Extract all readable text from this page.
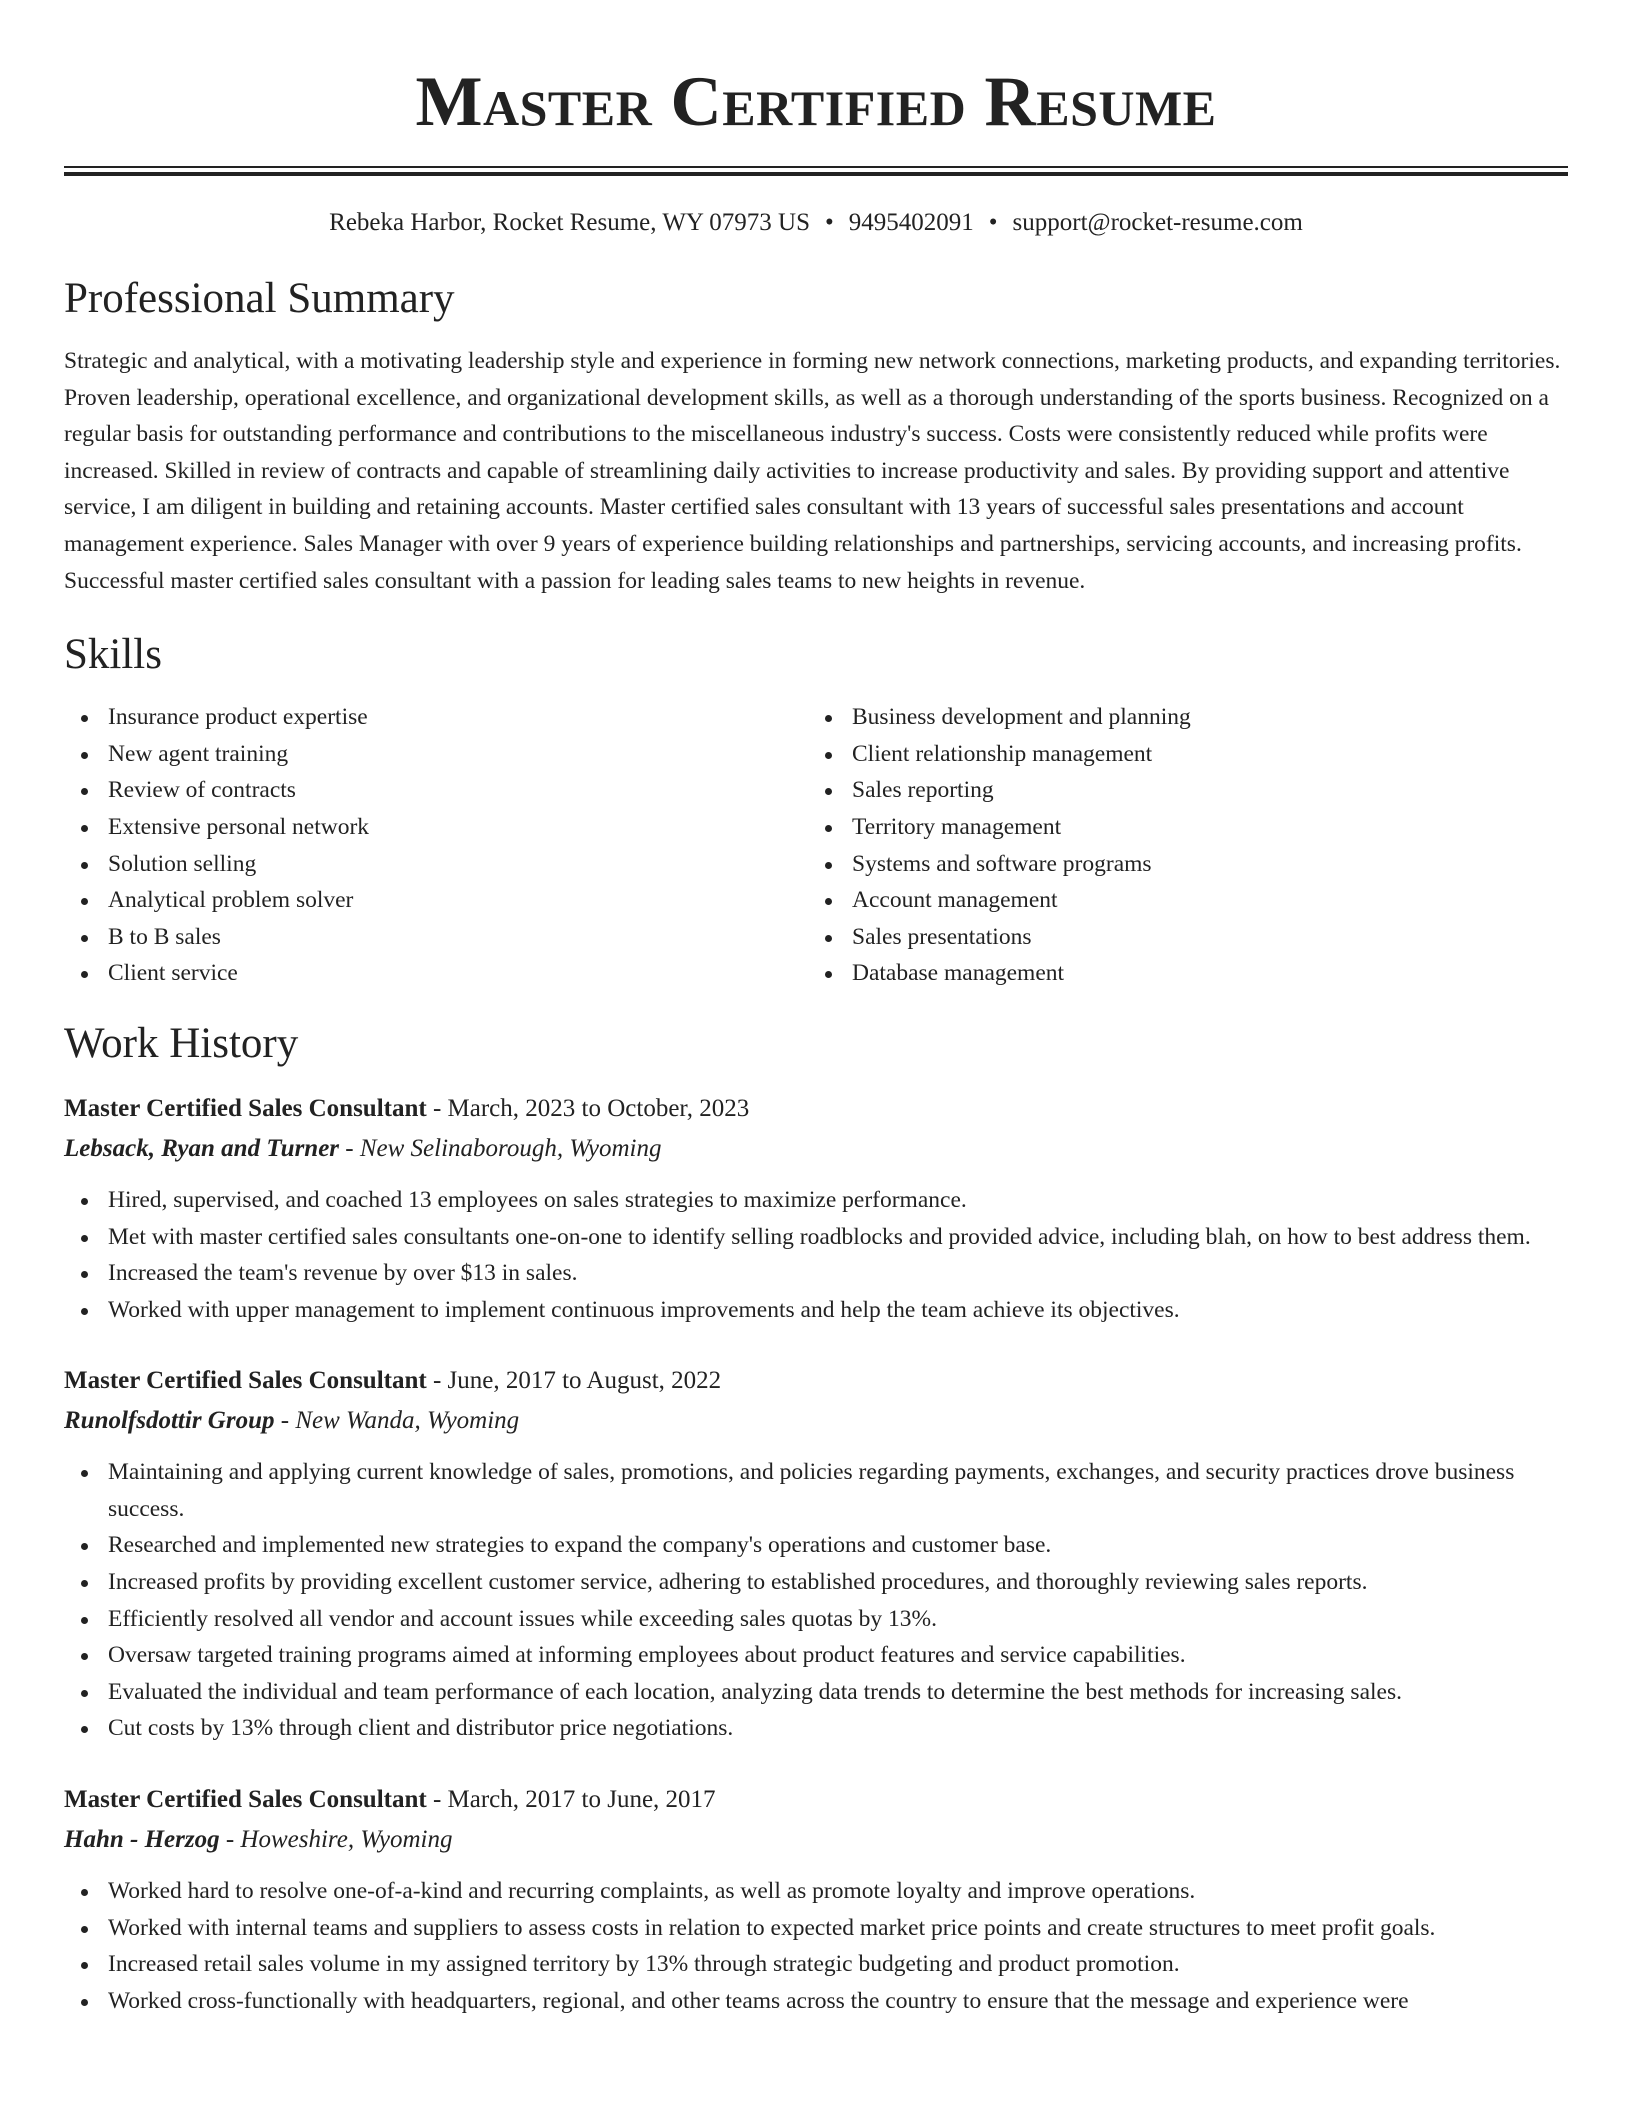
Master Certified Resume
Rebeka Harbor, Rocket Resume, WY 07973 US • 9495402091 • support@rocket-resume.com
Professional Summary

Strategic and analytical, with a motivating leadership style and experience in forming new network connections, marketing products, and expanding territories. Proven leadership, operational excellence, and organizational development skills, as well as a thorough understanding of the sports business. Recognized on a regular basis for outstanding performance and contributions to the miscellaneous industry's success. Costs were consistently reduced while profits were increased. Skilled in review of contracts and capable of streamlining daily activities to increase productivity and sales. By providing support and attentive service, I am diligent in building and retaining accounts. Master certified sales consultant with 13 years of successful sales presentations and account management experience. Sales Manager with over 9 years of experience building relationships and partnerships, servicing accounts, and increasing profits. Successful master certified sales consultant with a passion for leading sales teams to new heights in revenue.

Skills
Insurance product expertise
New agent training
Review of contracts
Extensive personal network
Solution selling
Analytical problem solver
B to B sales
Client service
Business development and planning
Client relationship management
Sales reporting
Territory management
Systems and software programs
Account management
Sales presentations
Database management
Work History
Master Certified Sales Consultant - March, 2023 to October, 2023
Lebsack, Ryan and Turner - New Selinaborough, Wyoming
Hired, supervised, and coached 13 employees on sales strategies to maximize performance.
Met with master certified sales consultants one-on-one to identify selling roadblocks and provided advice, including blah, on how to best address them.
Increased the team's revenue by over $13 in sales.
Worked with upper management to implement continuous improvements and help the team achieve its objectives.
Master Certified Sales Consultant - June, 2017 to August, 2022
Runolfsdottir Group - New Wanda, Wyoming
Maintaining and applying current knowledge of sales, promotions, and policies regarding payments, exchanges, and security practices drove business success.
Researched and implemented new strategies to expand the company's operations and customer base.
Increased profits by providing excellent customer service, adhering to established procedures, and thoroughly reviewing sales reports.
Efficiently resolved all vendor and account issues while exceeding sales quotas by 13%.
Oversaw targeted training programs aimed at informing employees about product features and service capabilities.
Evaluated the individual and team performance of each location, analyzing data trends to determine the best methods for increasing sales.
Cut costs by 13% through client and distributor price negotiations.
Master Certified Sales Consultant - March, 2017 to June, 2017
Hahn - Herzog - Howeshire, Wyoming
Worked hard to resolve one-of-a-kind and recurring complaints, as well as promote loyalty and improve operations.
Worked with internal teams and suppliers to assess costs in relation to expected market price points and create structures to meet profit goals.
Increased retail sales volume in my assigned territory by 13% through strategic budgeting and product promotion.
Worked cross-functionally with headquarters, regional, and other teams across the country to ensure that the message and experience were
